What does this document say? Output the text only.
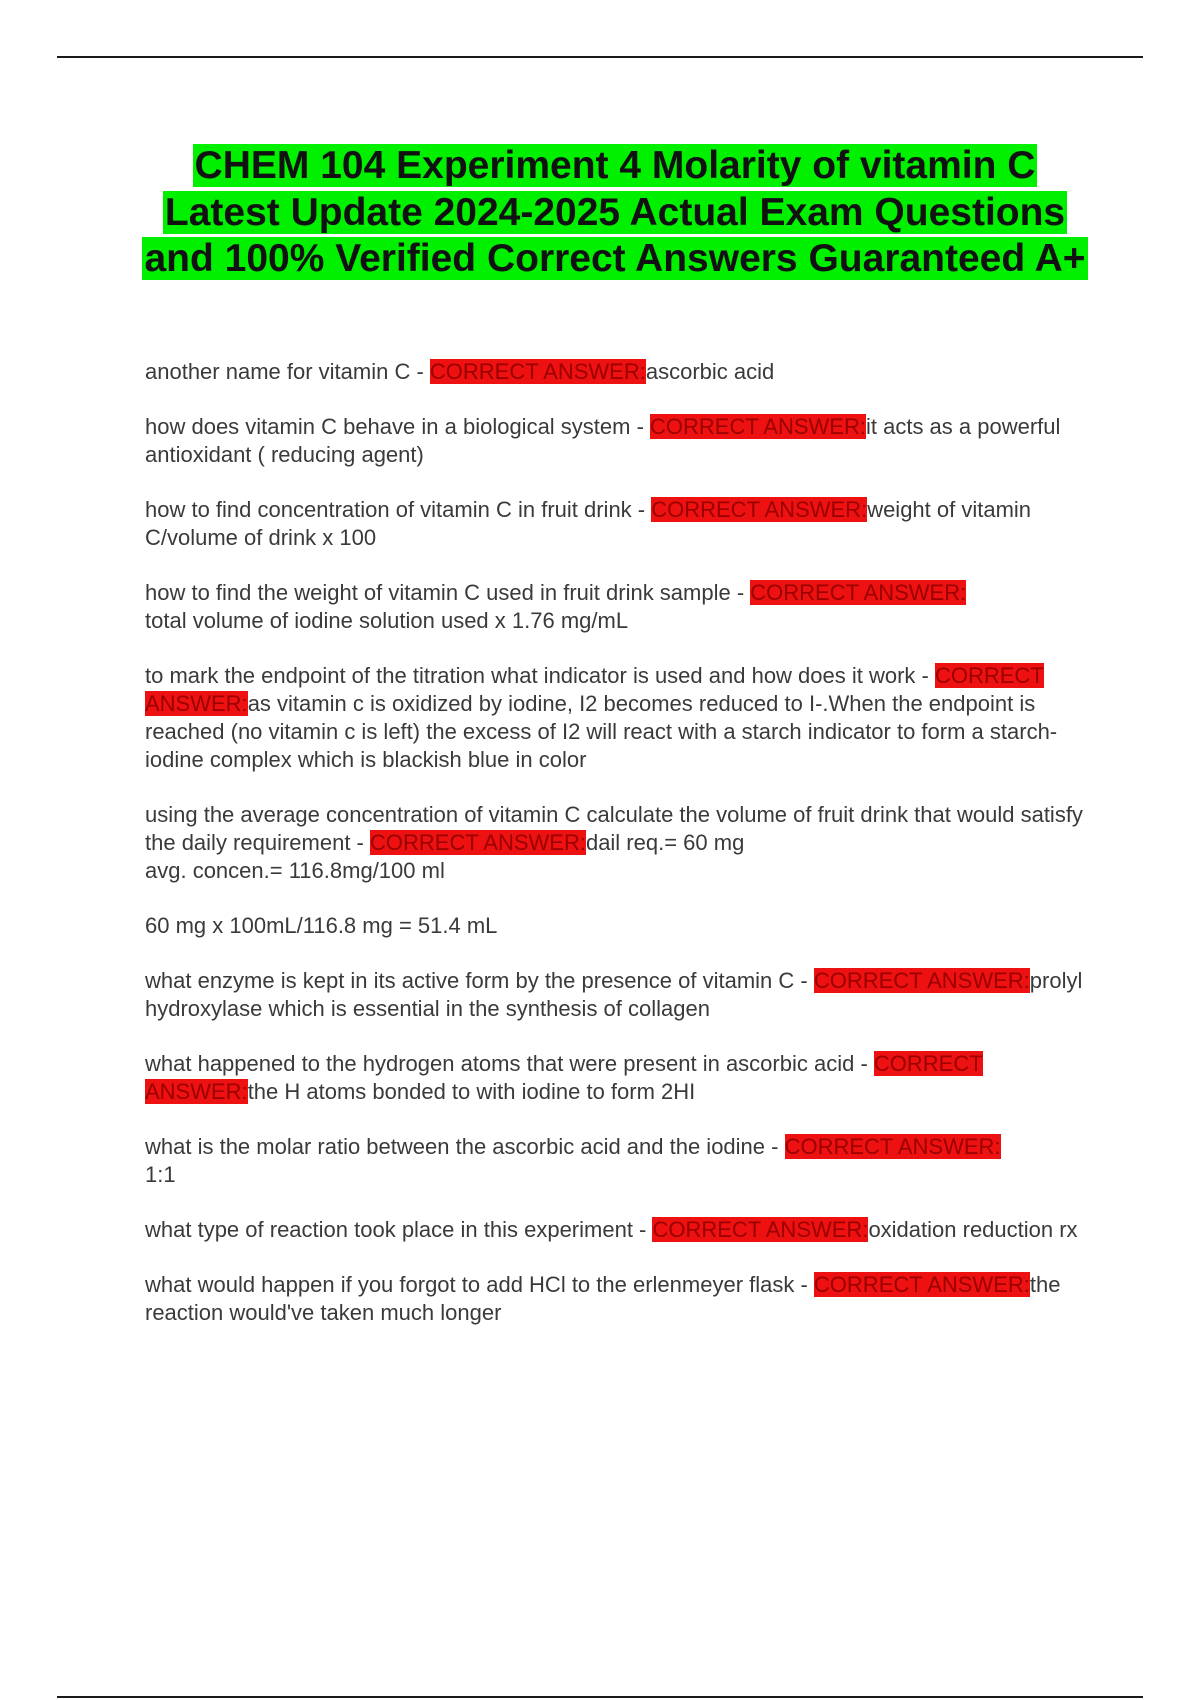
CHEM 104 Experiment 4 Molarity of vitamin C Latest Update 2024-2025 Actual Exam Questions and 100% Verified Correct Answers Guaranteed A+

another name for vitamin C - CORRECT ANSWER:ascorbic acid

how does vitamin C behave in a biological system - CORRECT ANSWER:it acts as a powerful antioxidant ( reducing agent)

how to find concentration of vitamin C in fruit drink - CORRECT ANSWER:weight of vitamin C/volume of drink x 100

how to find the weight of vitamin C used in fruit drink sample - CORRECT ANSWER:
total volume of iodine solution used x 1.76 mg/mL

to mark the endpoint of the titration what indicator is used and how does it work - CORRECT ANSWER:as vitamin c is oxidized by iodine, I2 becomes reduced to I-.When the endpoint is reached (no vitamin c is left) the excess of I2 will react with a starch indicator to form a starch-iodine complex which is blackish blue in color

using the average concentration of vitamin C calculate the volume of fruit drink that would satisfy the daily requirement - CORRECT ANSWER:dail req.= 60 mg
avg. concen.= 116.8mg/100 ml

60 mg x 100mL/116.8 mg = 51.4 mL

what enzyme is kept in its active form by the presence of vitamin C - CORRECT ANSWER:prolyl hydroxylase which is essential in the synthesis of collagen

what happened to the hydrogen atoms that were present in ascorbic acid - CORRECT ANSWER:the H atoms bonded to with iodine to form 2HI

what is the molar ratio between the ascorbic acid and the iodine - CORRECT ANSWER:
1:1

what type of reaction took place in this experiment - CORRECT ANSWER:oxidation reduction rx

what would happen if you forgot to add HCl to the erlenmeyer flask - CORRECT ANSWER:the reaction would've taken much longer
